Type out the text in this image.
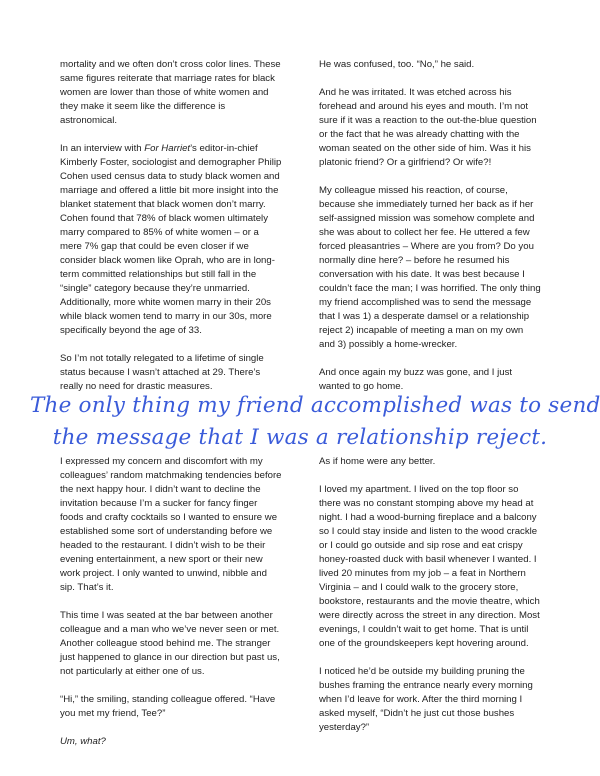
mortality and we often don’t cross color lines. These same figures reiterate that marriage rates for black women are lower than those of white women and they make it seem like the difference is astronomical.

In an interview with For Harriet’s editor-in-chief Kimberly Foster, sociologist and demographer Philip Cohen used census data to study black women and marriage and offered a little bit more insight into the blanket statement that black women don’t marry. Cohen found that 78% of black women ultimately marry compared to 85% of white women – or a mere 7% gap that could be even closer if we consider black women like Oprah, who are in long-term committed relationships but still fall in the “single” category because they’re unmarried. Additionally, more white women marry in their 20s while black women tend to marry in our 30s, more specifically beyond the age of 33.

So I’m not totally relegated to a lifetime of single status because I wasn’t attached at 29. There’s really no need for drastic measures.

He was confused, too. “No,” he said.

And he was irritated. It was etched across his forehead and around his eyes and mouth. I’m not sure if it was a reaction to the out-the-blue question or the fact that he was already chatting with the woman seated on the other side of him. Was it his platonic friend? Or a girlfriend? Or wife?!

My colleague missed his reaction, of course, because she immediately turned her back as if her self-assigned mission was somehow complete and she was about to collect her fee. He uttered a few forced pleasantries – Where are you from? Do you normally dine here? – before he resumed his conversation with his date. It was best because I couldn’t face the man; I was horrified. The only thing my friend accomplished was to send the message that I was 1) a desperate damsel or a relationship reject 2) incapable of meeting a man on my own and 3) possibly a home-wrecker.

And once again my buzz was gone, and I just wanted to go home.

The only thing my friend accomplished was to send
the message that I was a relationship reject.

I expressed my concern and discomfort with my colleagues’ random matchmaking tendencies before the next happy hour. I didn’t want to decline the invitation because I’m a sucker for fancy finger foods and crafty cocktails so I wanted to ensure we established some sort of understanding before we headed to the restaurant. I didn’t wish to be their evening entertainment, a new sport or their new work project. I only wanted to unwind, nibble and sip. That’s it.

This time I was seated at the bar between another colleague and a man who we’ve never seen or met. Another colleague stood behind me. The stranger just happened to glance in our direction but past us, not particularly at either one of us.

“Hi,” the smiling, standing colleague offered. “Have you met my friend, Tee?”

Um, what?

As if home were any better.

I loved my apartment. I lived on the top floor so there was no constant stomping above my head at night. I had a wood-burning fireplace and a balcony so I could stay inside and listen to the wood crackle or I could go outside and sip rose and eat crispy honey-roasted duck with basil whenever I wanted. I lived 20 minutes from my job – a feat in Northern Virginia – and I could walk to the grocery store, bookstore, restaurants and the movie theatre, which were directly across the street in any direction. Most evenings, I couldn’t wait to get home. That is until one of the groundskeepers kept hovering around.

I noticed he’d be outside my building pruning the bushes framing the entrance nearly every morning when I’d leave for work. After the third morning I asked myself, “Didn’t he just cut those bushes yesterday?”
